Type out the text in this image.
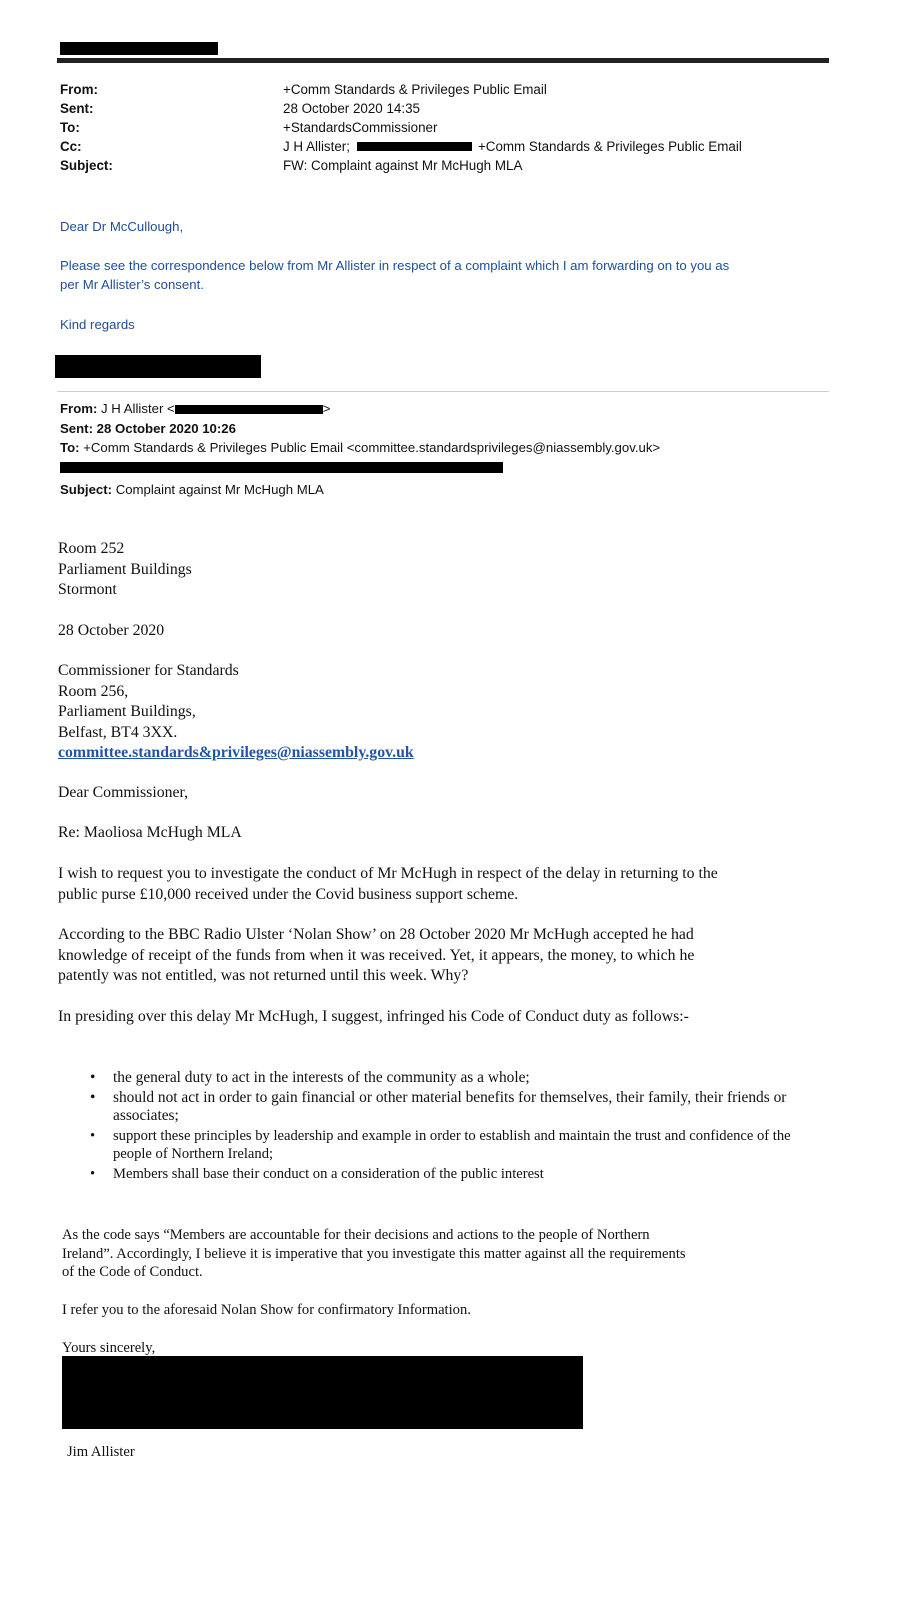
From:	+Comm Standards & Privileges Public Email
Sent:	28 October 2020 14:35
To:	+StandardsCommissioner
Cc:	J H Allister;	+Comm Standards & Privileges Public Email
Subject:	FW: Complaint against Mr McHugh MLA
Dear Dr McCullough,
Please see the correspondence below from Mr Allister in respect of a complaint which I am forwarding on to you as
per Mr Allister’s consent.
Kind regards
From: J H Allister <	>
Sent: 28 October 2020 10:26
To: +Comm Standards & Privileges Public Email <committee.standardsprivileges@niassembly.gov.uk>
Subject: Complaint against Mr McHugh MLA
Room 252
Parliament Buildings
Stormont
28 October 2020
Commissioner for Standards
Room 256,
Parliament Buildings,
Belfast, BT4 3XX.
committee.standards&privileges@niassembly.gov.uk
Dear Commissioner,
Re: Maoliosa McHugh MLA
I wish to request you to investigate the conduct of Mr McHugh in respect of the delay in returning to the
public purse £10,000 received under the Covid business support scheme.
According to the BBC Radio Ulster ‘Nolan Show’ on 28 October 2020 Mr McHugh accepted he had
knowledge of receipt of the funds from when it was received. Yet, it appears, the money, to which he
patently was not entitled, was not returned until this week. Why?
In presiding over this delay Mr McHugh, I suggest, infringed his Code of Conduct duty as follows:-
• the general duty to act in the interests of the community as a whole;
• should not act in order to gain financial or other material benefits for themselves, their family, their friends or associates;
• support these principles by leadership and example in order to establish and maintain the trust and confidence of the people of Northern Ireland;
• Members shall base their conduct on a consideration of the public interest
As the code says “Members are accountable for their decisions and actions to the people of Northern
Ireland”. Accordingly, I believe it is imperative that you investigate this matter against all the requirements
of the Code of Conduct.
I refer you to the aforesaid Nolan Show for confirmatory Information.
Yours sincerely,
Jim Allister
